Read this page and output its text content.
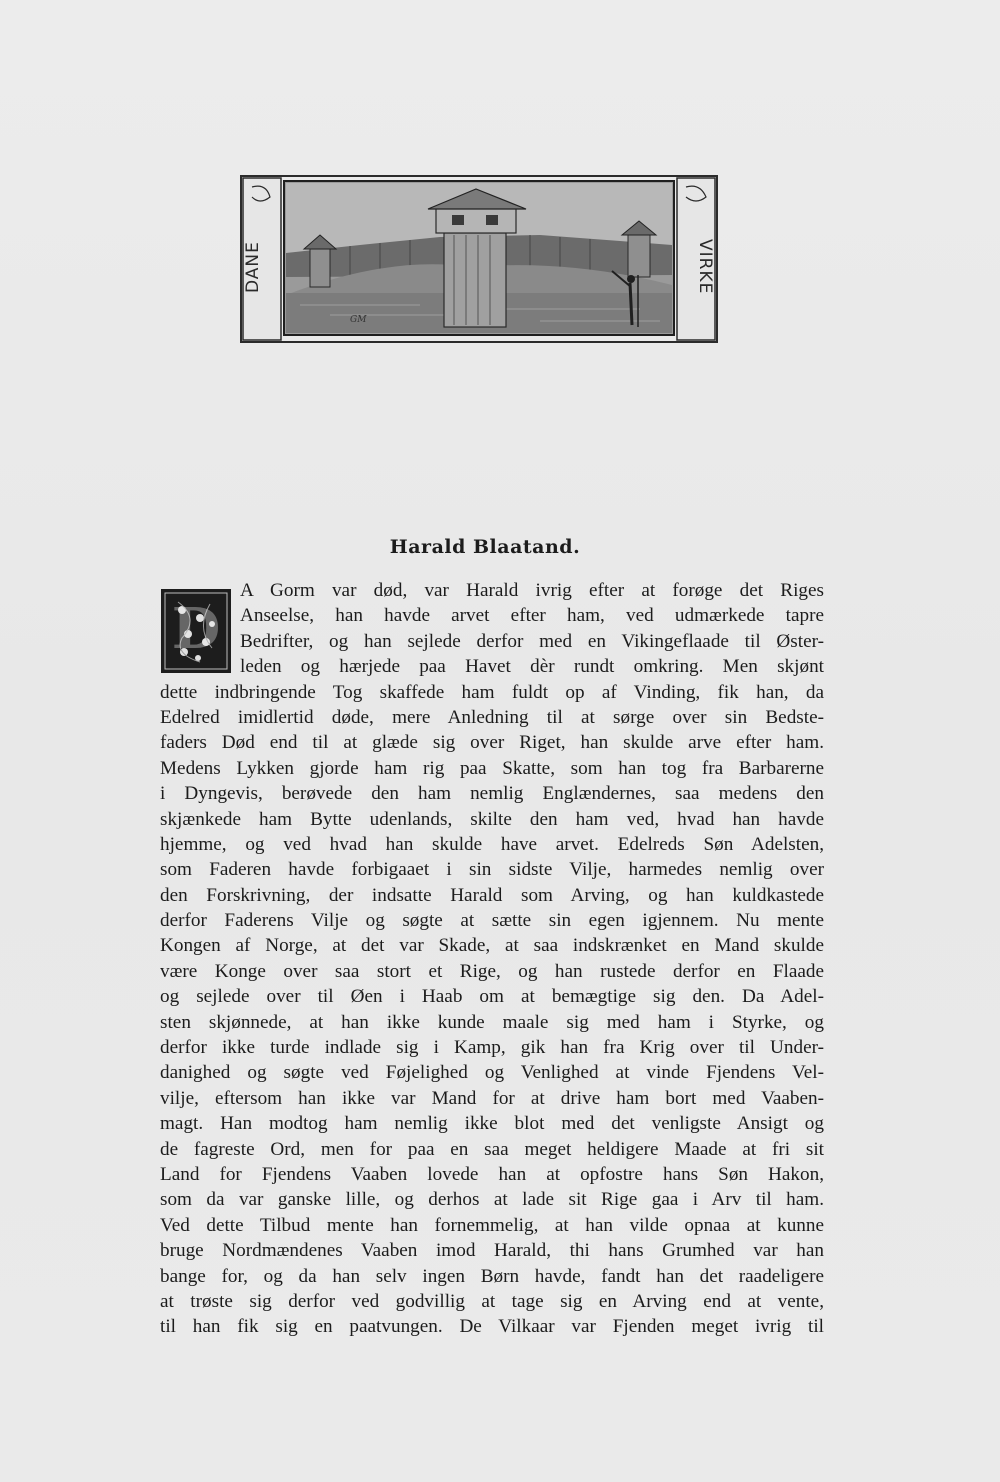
DANE	VIRKE
GM
Harald Blaatand.
D
A Gorm var død, var Harald ivrig efter at forøge det Riges
Anseelse, han havde arvet efter ham, ved udmærkede tapre
Bedrifter, og han sejlede derfor med en Vikingeflaade til Øster-
leden og hærjede paa Havet dèr rundt omkring. Men skjønt
dette indbringende Tog skaffede ham fuldt op af Vinding, fik han, da
Edelred imidlertid døde, mere Anledning til at sørge over sin Bedste-
faders Død end til at glæde sig over Riget, han skulde arve efter ham.
Medens Lykken gjorde ham rig paa Skatte, som han tog fra Barbarerne
i Dyngevis, berøvede den ham nemlig Englændernes, saa medens den
skjænkede ham Bytte udenlands, skilte den ham ved, hvad han havde
hjemme, og ved hvad han skulde have arvet. Edelreds Søn Adelsten,
som Faderen havde forbigaaet i sin sidste Vilje, harmedes nemlig over
den Forskrivning, der indsatte Harald som Arving, og han kuldkastede
derfor Faderens Vilje og søgte at sætte sin egen igjennem. Nu mente
Kongen af Norge, at det var Skade, at saa indskrænket en Mand skulde
være Konge over saa stort et Rige, og han rustede derfor en Flaade
og sejlede over til Øen i Haab om at bemægtige sig den. Da Adel-
sten skjønnede, at han ikke kunde maale sig med ham i Styrke, og
derfor ikke turde indlade sig i Kamp, gik han fra Krig over til Under-
danighed og søgte ved Føjelighed og Venlighed at vinde Fjendens Vel-
vilje, eftersom han ikke var Mand for at drive ham bort med Vaaben-
magt. Han modtog ham nemlig ikke blot med det venligste Ansigt og
de fagreste Ord, men for paa en saa meget heldigere Maade at fri sit
Land for Fjendens Vaaben lovede han at opfostre hans Søn Hakon,
som da var ganske lille, og derhos at lade sit Rige gaa i Arv til ham.
Ved dette Tilbud mente han fornemmelig, at han vilde opnaa at kunne
bruge Nordmændenes Vaaben imod Harald, thi hans Grumhed var han
bange for, og da han selv ingen Børn havde, fandt han det raadeligere
at trøste sig derfor ved godvillig at tage sig en Arving end at vente,
til han fik sig en paatvungen. De Vilkaar var Fjenden meget ivrig til
